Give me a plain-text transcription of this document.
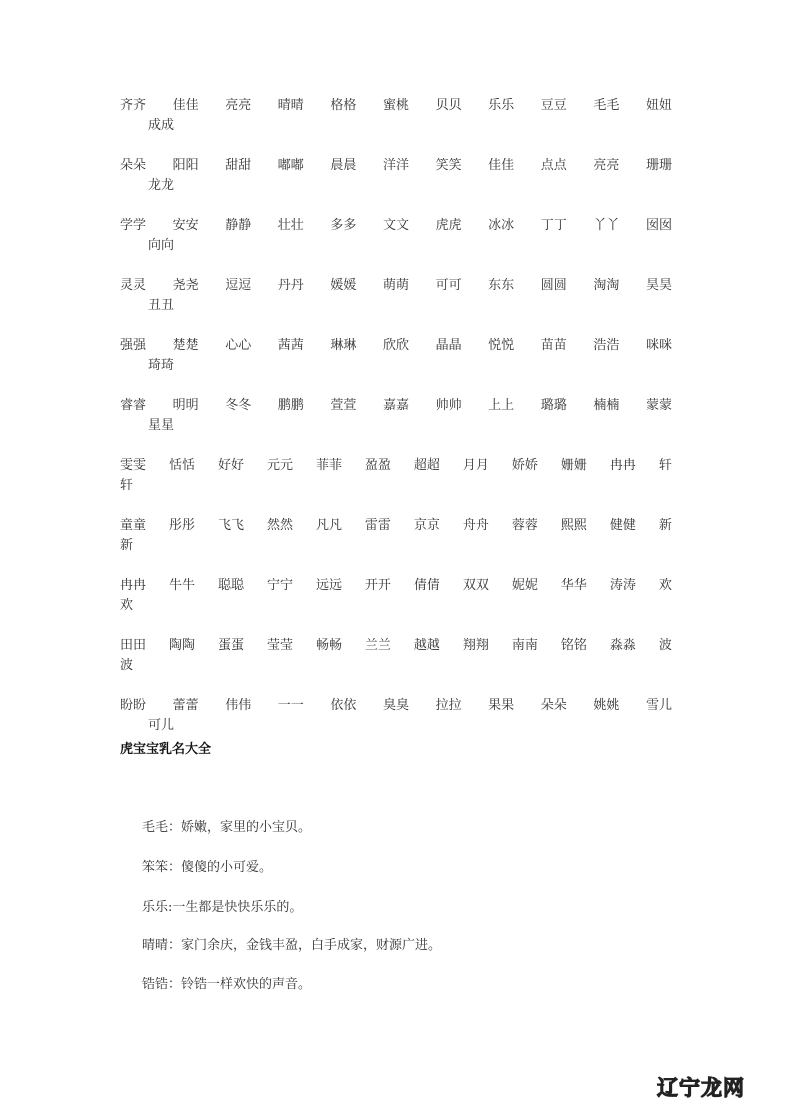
齐齐 佳佳 亮亮 晴晴 格格 蜜桃 贝贝 乐乐 豆豆 毛毛 妞妞
成成
朵朵 阳阳 甜甜 嘟嘟 晨晨 洋洋 笑笑 佳佳 点点 亮亮 珊珊
龙龙
学学 安安 静静 壮壮 多多 文文 虎虎 冰冰 丁丁 丫丫 囡囡
向向
灵灵 尧尧 逗逗 丹丹 媛媛 萌萌 可可 东东 圆圆 淘淘 昊昊
丑丑
强强 楚楚 心心 茜茜 琳琳 欣欣 晶晶 悦悦 苗苗 浩浩 咪咪
琦琦
睿睿 明明 冬冬 鹏鹏 萱萱 嘉嘉 帅帅 上上 璐璐 楠楠 蒙蒙
星星
雯雯 恬恬 好好 元元 菲菲 盈盈 超超 月月 娇娇 姗姗 冉冉 轩
轩
童童 彤彤 飞飞 然然 凡凡 雷雷 京京 舟舟 蓉蓉 熙熙 健健 新
新
冉冉 牛牛 聪聪 宁宁 远远 开开 倩倩 双双 妮妮 华华 涛涛 欢
欢
田田 陶陶 蛋蛋 莹莹 畅畅 兰兰 越越 翔翔 南南 铭铭 淼淼 波
波
盼盼 蕾蕾 伟伟 一一 依依 臭臭 拉拉 果果 朵朵 姚姚 雪儿
可儿
虎宝宝乳名大全
毛毛：娇嫩，家里的小宝贝。
笨笨：傻傻的小可爱。
乐乐:一生都是快快乐乐的。
晴晴：家门余庆，金钱丰盈，白手成家，财源广进。
锆锆：铃锆一样欢快的声音。
辽宁龙网
